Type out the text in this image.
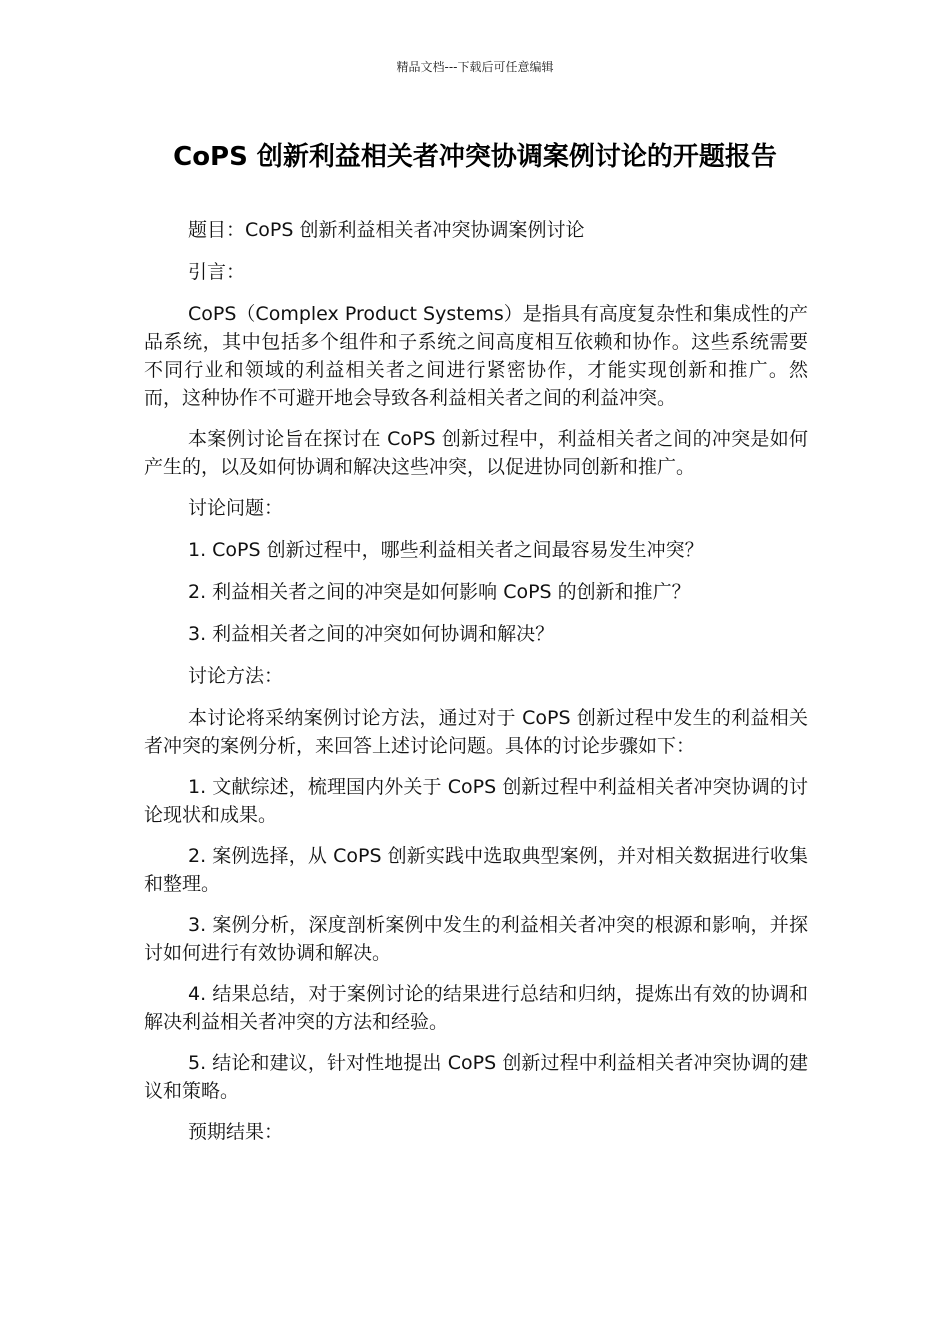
精品文档---下载后可任意编辑
CoPS 创新利益相关者冲突协调案例讨论的开题报告

题目：CoPS 创新利益相关者冲突协调案例讨论

引言：

CoPS（Complex Product Systems）是指具有高度复杂性和集成性的产品系统，其中包括多个组件和子系统之间高度相互依赖和协作。这些系统需要不同行业和领域的利益相关者之间进行紧密协作，才能实现创新和推广。然而，这种协作不可避开地会导致各利益相关者之间的利益冲突。

本案例讨论旨在探讨在 CoPS 创新过程中，利益相关者之间的冲突是如何产生的，以及如何协调和解决这些冲突，以促进协同创新和推广。

讨论问题：

1. CoPS 创新过程中，哪些利益相关者之间最容易发生冲突？

2. 利益相关者之间的冲突是如何影响 CoPS 的创新和推广？

3. 利益相关者之间的冲突如何协调和解决？

讨论方法：

本讨论将采纳案例讨论方法，通过对于 CoPS 创新过程中发生的利益相关者冲突的案例分析，来回答上述讨论问题。具体的讨论步骤如下：

1. 文献综述，梳理国内外关于 CoPS 创新过程中利益相关者冲突协调的讨论现状和成果。

2. 案例选择，从 CoPS 创新实践中选取典型案例，并对相关数据进行收集和整理。

3. 案例分析，深度剖析案例中发生的利益相关者冲突的根源和影响，并探讨如何进行有效协调和解决。

4. 结果总结，对于案例讨论的结果进行总结和归纳，提炼出有效的协调和解决利益相关者冲突的方法和经验。

5. 结论和建议，针对性地提出 CoPS 创新过程中利益相关者冲突协调的建议和策略。

预期结果：
